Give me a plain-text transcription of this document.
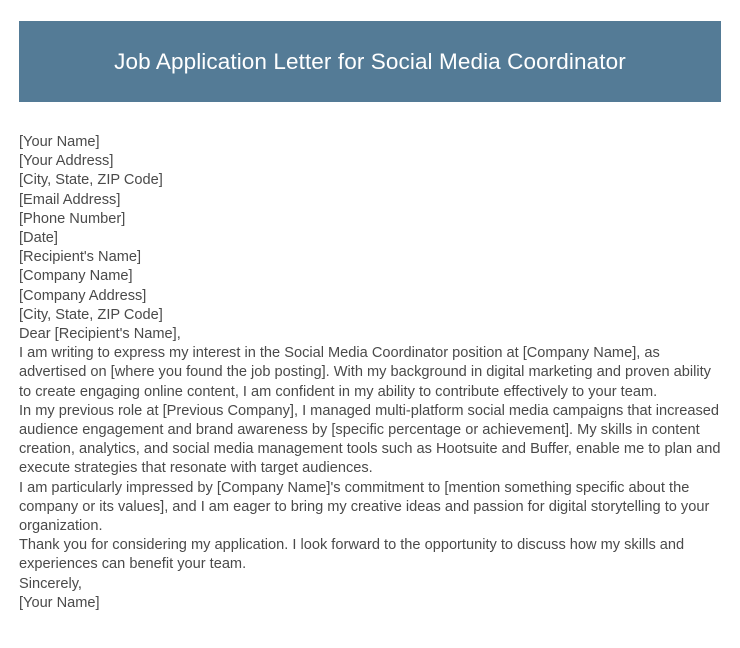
Job Application Letter for Social Media Coordinator
[Your Name]
[Your Address]
[City, State, ZIP Code]
[Email Address]
[Phone Number]
[Date]
[Recipient's Name]
[Company Name]
[Company Address]
[City, State, ZIP Code]

Dear [Recipient's Name],

I am writing to express my interest in the Social Media Coordinator position at [Company Name], as advertised on [where you found the job posting]. With my background in digital marketing and proven ability to create engaging online content, I am confident in my ability to contribute effectively to your team.

In my previous role at [Previous Company], I managed multi-platform social media campaigns that increased audience engagement and brand awareness by [specific percentage or achievement]. My skills in content creation, analytics, and social media management tools such as Hootsuite and Buffer, enable me to plan and execute strategies that resonate with target audiences.

I am particularly impressed by [Company Name]'s commitment to [mention something specific about the company or its values], and I am eager to bring my creative ideas and passion for digital storytelling to your organization.

Thank you for considering my application. I look forward to the opportunity to discuss how my skills and experiences can benefit your team.

Sincerely,

[Your Name]
